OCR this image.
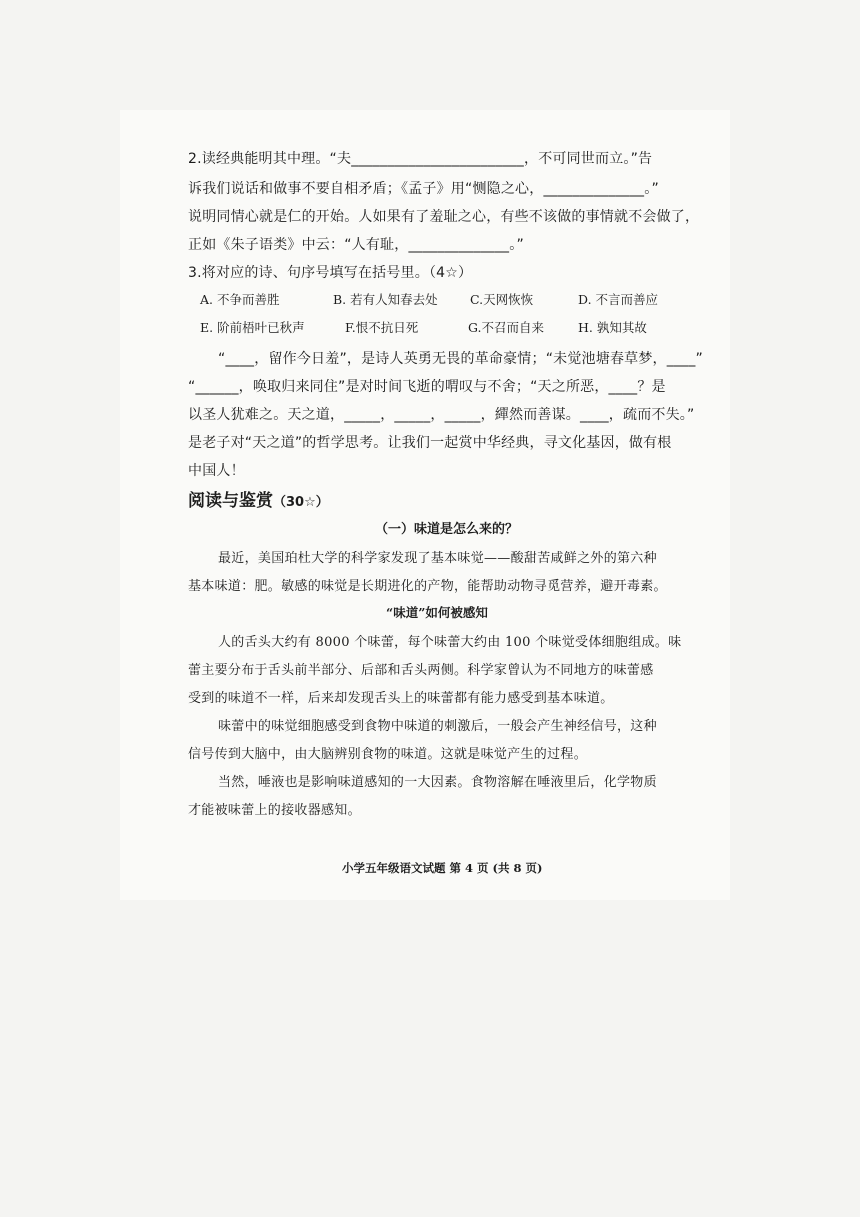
2.读经典能明其中理。“夫________________________，不可同世而立。”告
诉我们说话和做事不要自相矛盾；《孟子》用“恻隐之心，______________。”
说明同情心就是仁的开始。人如果有了羞耻之心，有些不该做的事情就不会做了，
正如《朱子语类》中云：“人有耻，______________。”
3.将对应的诗、句序号填写在括号里。（4☆）
A. 不争而善胜	B. 若有人知春去处	C.天网恢恢	D. 不言而善应
E. 阶前梧叶已秋声	F.恨不抗日死	G.不召而自来	H. 孰知其故
“____，留作今日羞”，是诗人英勇无畏的革命豪情；“未觉池塘春草梦，____”
“______，唤取归来同住”是对时间飞逝的喟叹与不舍；“天之所恶，____？是
以圣人犹难之。天之道，_____，_____，_____，繟然而善谋。____，疏而不失。”
是老子对“天之道”的哲学思考。让我们一起赏中华经典，寻文化基因，做有根
中国人！
阅读与鉴赏（30☆）
（一）味道是怎么来的？
最近，美国珀杜大学的科学家发现了基本味觉——酸甜苦咸鲜之外的第六种
基本味道：肥。敏感的味觉是长期进化的产物，能帮助动物寻觅营养，避开毒素。
“味道”如何被感知
人的舌头大约有 8000 个味蕾，每个味蕾大约由 100 个味觉受体细胞组成。味
蕾主要分布于舌头前半部分、后部和舌头两侧。科学家曾认为不同地方的味蕾感
受到的味道不一样，后来却发现舌头上的味蕾都有能力感受到基本味道。
味蕾中的味觉细胞感受到食物中味道的刺激后，一般会产生神经信号，这种
信号传到大脑中，由大脑辨别食物的味道。这就是味觉产生的过程。
当然，唾液也是影响味道感知的一大因素。食物溶解在唾液里后，化学物质
才能被味蕾上的接收器感知。
小学五年级语文试题 第 4 页 (共 8 页)
